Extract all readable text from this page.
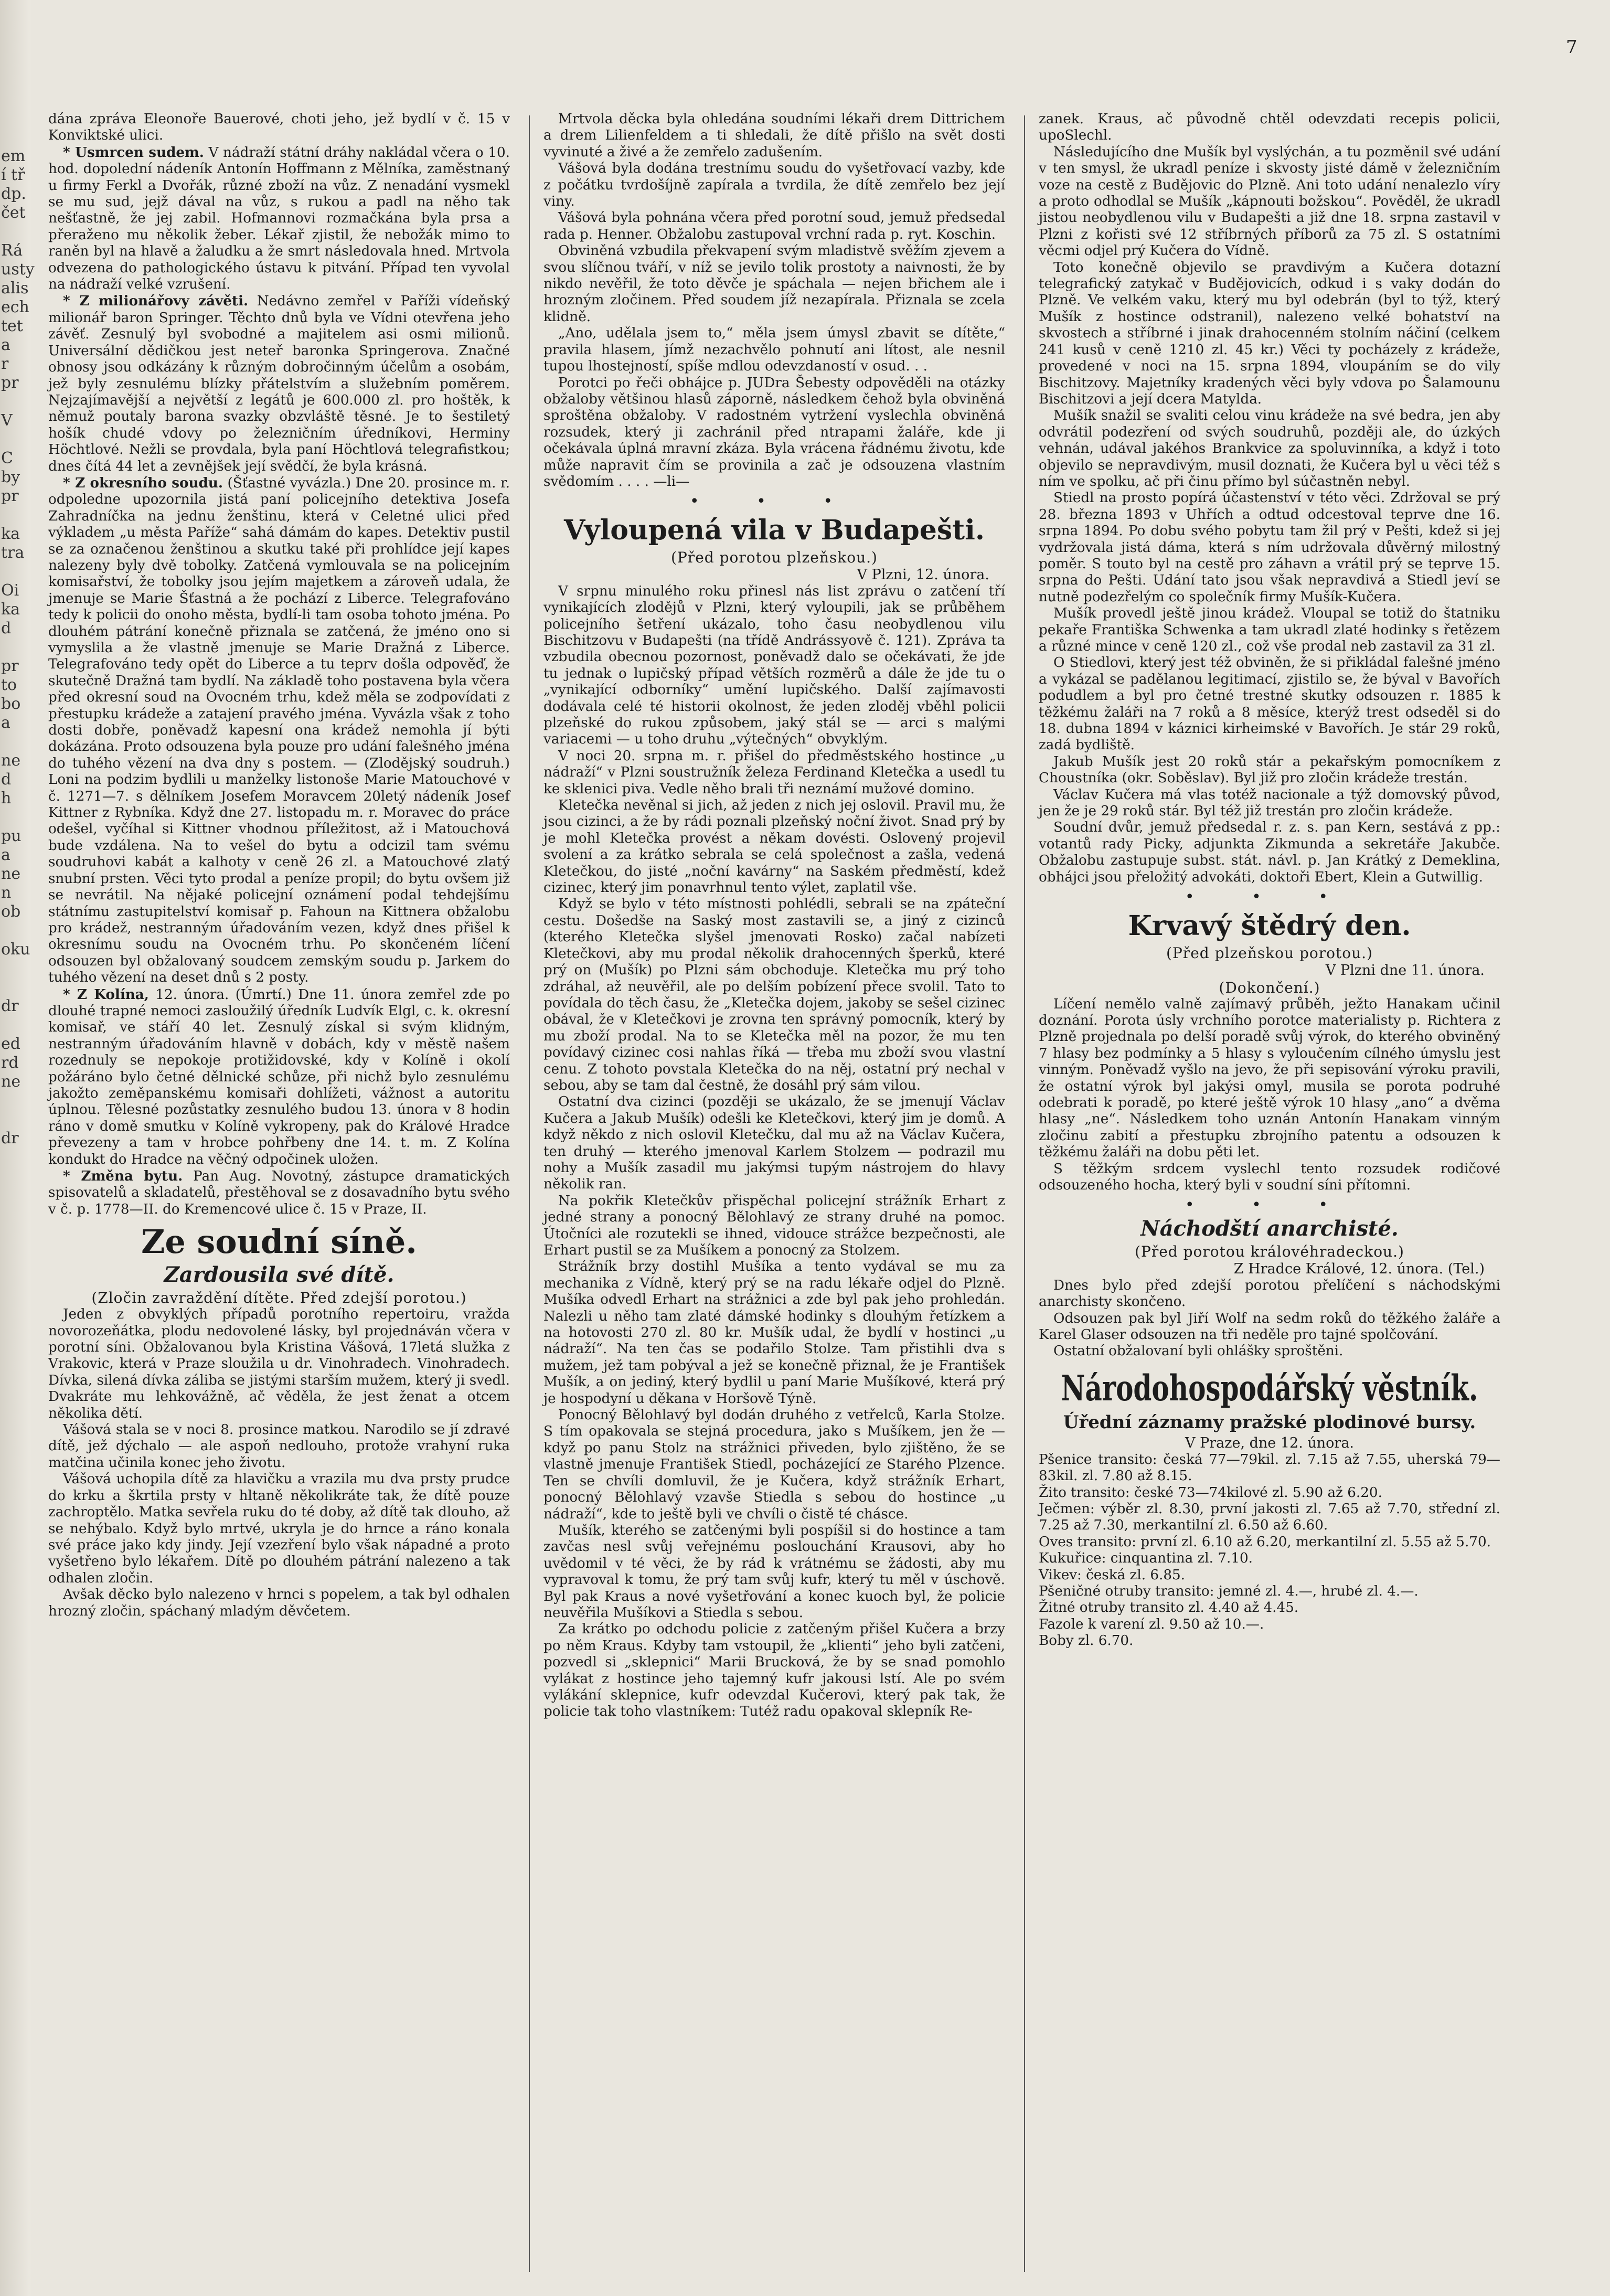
em
í tř
dp.
čet

Rá
usty
alis
ech
tet
a
r
pr

V

C
by
pr

ka
tra

Oi
ka
d

pr
to
bo
a

ne
d
h

pu
a
ne
n
ob

oku

dr

ed
rd
ne

dr
7

dána zpráva Eleonoře Bauerové, choti jeho, jež bydlí v č. 15 v Konviktské ulici.

* Usmrcen sudem. V nádraží státní dráhy nakládal včera o 10. hod. dopolední nádeník Antonín Hoffmann z Mělníka, zaměstnaný u firmy Ferkl a Dvořák, různé zboží na vůz. Z nenadání vysmekl se mu sud, jejž dával na vůz, s rukou a padl na něho tak nešťastně, že jej zabil. Hofmannovi rozmačkána byla prsa a přeraženo mu několik žeber. Lékař zjistil, že nebožák mimo to raněn byl na hlavě a žaludku a že smrt následovala hned. Mrtvola odvezena do pathologického ústavu k pitvání. Případ ten vyvolal na nádraží velké vzrušení.

* Z milionářovy závěti. Nedávno zemřel v Paříži vídeňský milionář baron Springer. Těchto dnů byla ve Vídni otevřena jeho závěť. Zesnulý byl svobodné a majitelem asi osmi milionů. Universální dědičkou jest neteř baronka Springerova. Značné obnosy jsou odkázány k různým dobročinným účelům a osobám, jež byly zesnulému blízky přátelstvím a služebním poměrem. Nejzajímavější a největší z legátů je 600.000 zl. pro hoštěk, k němuž poutaly barona svazky obzvláště těsné. Je to šestiletý hošík chudé vdovy po železničním úředníkovi, Herminy Höchtlové. Nežli se provdala, byla paní Höchtlová telegrafistkou; dnes čítá 44 let a zevnějšek její svědčí, že byla krásná.

* Z okresního soudu. (Šťastné vyvázla.) Dne 20. prosince m. r. odpoledne upozornila jistá paní policejního detektiva Josefa Zahradníčka na jednu ženštinu, která v Celetné ulici před výkladem „u města Paříže“ sahá dámám do kapes. Detektiv pustil se za označenou ženštinou a skutku také při prohlídce její kapes nalezeny byly dvě tobolky. Zatčená vymlouvala se na policejním komisařství, že tobolky jsou jejím majetkem a zároveň udala, že jmenuje se Marie Šťastná a že pochází z Liberce. Telegrafováno tedy k policii do onoho města, bydlí-li tam osoba tohoto jména. Po dlouhém pátrání konečně přiznala se zatčená, že jméno ono si vymyslila a že vlastně jmenuje se Marie Dražná z Liberce. Telegrafováno tedy opět do Liberce a tu teprv došla odpověď, že skutečně Dražná tam bydlí. Na základě toho postavena byla včera před okresní soud na Ovocném trhu, kdež měla se zodpovídati z přestupku krádeže a zatajení pravého jména. Vyvázla však z toho dosti dobře, poněvadž kapesní ona krádež nemohla jí býti dokázána. Proto odsouzena byla pouze pro udání falešného jména do tuhého vězení na dva dny s postem. — (Zlodějský soudruh.) Loni na podzim bydlili u manželky listonoše Marie Matouchové v č. 1271—7. s dělníkem Josefem Moravcem 20letý nádeník Josef Kittner z Rybníka. Když dne 27. listopadu m. r. Moravec do práce odešel, vyčíhal si Kittner vhodnou příležitost, až i Matouchová bude vzdálena. Na to vešel do bytu a odcizil tam svému soudruhovi kabát a kalhoty v ceně 26 zl. a Matouchové zlatý snubní prsten. Věci tyto prodal a peníze propil; do bytu ovšem již se nevrátil. Na nějaké policejní oznámení podal tehdejšímu státnímu zastupitelství komisař p. Fahoun na Kittnera obžalobu pro krádež, nestranným úřadováním vezen, když dnes přišel k okresnímu soudu na Ovocném trhu. Po skončeném líčení odsouzen byl obžalovaný soudcem zemským soudu p. Jarkem do tuhého vězení na deset dnů s 2 posty.

* Z Kolína, 12. února. (Úmrtí.) Dne 11. února zemřel zde po dlouhé trapné nemoci zasloužilý úředník Ludvík Elgl, c. k. okresní komisař, ve stáří 40 let. Zesnulý získal si svým klidným, nestranným úřadováním hlavně v dobách, kdy v městě našem rozednuly se nepokoje protižidovské, kdy v Kolíně i okolí požáráno bylo četné dělnické schůze, při nichž bylo zesnulému jakožto zeměpanskému komisaři dohlížeti, vážnost a autoritu úplnou. Tělesné pozůstatky zesnulého budou 13. února v 8 hodin ráno v domě smutku v Kolíně vykropeny, pak do Králové Hradce převezeny a tam v hrobce pohřbeny dne 14. t. m. Z Kolína kondukt do Hradce na věčný odpočinek uložen.

* Změna bytu. Pan Aug. Novotný, zástupce dramatických spisovatelů a skladatelů, přestěhoval se z dosavadního bytu svého v č. p. 1778—II. do Kremencové ulice č. 15 v Praze, II.

Ze soudní síně.
Zardousila své dítě.
(Zločin zavraždění dítěte. Před zdejší porotou.)

Jeden z obvyklých případů porotního repertoiru, vražda novorozeňátka, plodu nedovolené lásky, byl projednáván včera v porotní síni. Obžalovanou byla Kristina Vášová, 17letá služka z Vrakovic, která v Praze sloužila u dr. Vinohradech. Vinohradech. Dívka, silená dívka záliba se jistými starším mužem, který ji svedl. Dvakráte mu lehkovážně, ač věděla, že jest ženat a otcem několika dětí.

Vášová stala se v noci 8. prosince matkou. Narodilo se jí zdravé dítě, jež dýchalo — ale aspoň nedlouho, protože vrahyní ruka matčina učinila konec jeho životu.

Vášová uchopila dítě za hlavičku a vrazila mu dva prsty prudce do krku a škrtila prsty v hltaně několikráte tak, že dítě pouze zachroptělo. Matka sevřela ruku do té doby, až dítě tak dlouho, až se nehýbalo. Když bylo mrtvé, ukryla je do hrnce a ráno konala své práce jako kdy jindy. Její vzezření bylo však nápadné a proto vyšetřeno bylo lékařem. Dítě po dlouhém pátrání nalezeno a tak odhalen zločin.

Avšak děcko bylo nalezeno v hrnci s popelem, a tak byl odhalen hrozný zločin, spáchaný mladým děvčetem.

Mrtvola děcka byla ohledána soudními lékaři drem Dittrichem a drem Lilienfeldem a ti shledali, že dítě přišlo na svět dosti vyvinuté a živé a že zemřelo zadušením.

Vášová byla dodána trestnímu soudu do vyšetřovací vazby, kde z počátku tvrdošíjně zapírala a tvrdila, že dítě zemřelo bez její viny.

Vášová byla pohnána včera před porotní soud, jemuž předsedal rada p. Henner. Obžalobu zastupoval vrchní rada p. ryt. Koschin.

Obviněná vzbudila překvapení svým mladistvě svěžím zjevem a svou slíčnou tváří, v níž se jevilo tolik prostoty a naivnosti, že by nikdo nevěřil, že toto děvče je spáchala — nejen břichem ale i hrozným zločinem. Před soudem jíž nezapírala. Přiznala se zcela klidně.

„Ano, udělala jsem to,“ měla jsem úmysl zbavit se dítěte,“ pravila hlasem, jímž nezachvělo pohnutí ani lítost, ale nesnil tupou lhostejností, spíše mdlou odevzdaností v osud. . .

Porotci po řeči obhájce p. JUDra Šebesty odpověděli na otázky obžaloby většinou hlasů záporně, následkem čehož byla obviněná sproštěna obžaloby. V radostném vytržení vyslechla obviněná rozsudek, který ji zachránil před ntrapami žaláře, kde ji očekávala úplná mravní zkáza. Byla vrácena řádnému životu, kde může napravit čím se provinila a zač je odsouzena vlastním svědomím . . . . —li—

• • •
Vyloupená vila v Budapešti.
(Před porotou plzeňskou.)
V Plzni, 12. února.

V srpnu minulého roku přinesl nás list zprávu o zatčení tří vynikajících zlodějů v Plzni, který vyloupili, jak se průběhem policejního šetření ukázalo, toho času neobydlenou vilu Bischitzovu v Budapešti (na třídě Andrássyově č. 121). Zpráva ta vzbudila obecnou pozornost, poněvadž dalo se očekávati, že jde tu jednak o lupičský případ větších rozměrů a dále že jde tu o „vynikající odborníky“ umění lupičského. Další zajímavosti dodávala celé té historii okolnost, že jeden zloděj vběhl policii plzeňské do rukou způsobem, jaký stál se — arci s malými variacemi — u toho druhu „výtečných“ obvyklým.

V noci 20. srpna m. r. přišel do předměstského hostince „u nádraží“ v Plzni soustružník železa Ferdinand Kletečka a usedl tu ke sklenici piva. Vedle něho brali tři neznámí mužové domino.

Kletečka nevěnal si jich, až jeden z nich jej oslovil. Pravil mu, že jsou cizinci, a že by rádi poznali plzeňský noční život. Snad prý by je mohl Kletečka provést a někam dovésti. Oslovený projevil svolení a za krátko sebrala se celá společnost a zašla, vedená Kletečkou, do jisté „noční kavárny“ na Saském předměstí, kdež cizinec, který jim ponavrhnul tento výlet, zaplatil vše.

Když se bylo v této místnosti pohlédli, sebrali se na zpáteční cestu. Došedše na Saský most zastavili se, a jiný z cizinců (kterého Kletečka slyšel jmenovati Rosko) začal nabízeti Kletečkovi, aby mu prodal několik drahocenných šperků, které prý on (Mušík) po Plzni sám obchoduje. Kletečka mu prý toho zdráhal, až neuvěřil, ale po delším pobízení přece svolil. Tato to povídala do těch času, že „Kletečka dojem, jakoby se sešel cizinec obával, že v Kletečkovi je zrovna ten správný pomocník, který by mu zboží prodal. Na to se Kletečka měl na pozor, že mu ten povídavý cizinec cosi nahlas říká — třeba mu zboží svou vlastní cenu. Z tohoto povstala Kletečka do na něj, ostatní prý nechal v sebou, aby se tam dal čestně, že dosáhl prý sám vilou.

Ostatní dva cizinci (později se ukázalo, že se jmenují Václav Kučera a Jakub Mušík) odešli ke Kletečkovi, který jim je domů. A když někdo z nich oslovil Kletečku, dal mu až na Václav Kučera, ten druhý — kterého jmenoval Karlem Stolzem — podrazil mu nohy a Mušík zasadil mu jakýmsi tupým nástrojem do hlavy několik ran.

Na pokřik Kletečkův přispěchal policejní strážník Erhart z jedné strany a ponocný Bělohlavý ze strany druhé na pomoc. Útočníci ale rozutekli se ihned, vidouce strážce bezpečnosti, ale Erhart pustil se za Mušíkem a ponocný za Stolzem.

Strážník brzy dostihl Mušíka a tento vydával se mu za mechanika z Vídně, který prý se na radu lékaře odjel do Plzně. Mušíka odvedl Erhart na strážnici a zde byl pak jeho prohledán. Nalezli u něho tam zlaté dámské hodinky s dlouhým řetízkem a na hotovosti 270 zl. 80 kr. Mušík udal, že bydlí v hostinci „u nádraží“. Na ten čas se podařilo Stolze. Tam přistihli dva s mužem, jež tam pobýval a jež se konečně přiznal, že je František Mušík, a on jediný, který bydlil u paní Marie Mušíkové, která prý je hospodyní u děkana v Horšově Týně.

Ponocný Bělohlavý byl dodán druhého z vetřelců, Karla Stolze. S tím opakovala se stejná procedura, jako s Mušíkem, jen že — když po panu Stolz na strážnici přiveden, bylo zjištěno, že se vlastně jmenuje František Stiedl, pocházející ze Starého Plzence. Ten se chvíli domluvil, že je Kučera, když strážník Erhart, ponocný Bělohlavý vzavše Stiedla s sebou do hostince „u nádraží“, kde to ještě byli ve chvíli o čistě té chásce.

Mušík, kterého se zatčenými byli pospíšil si do hostince a tam zavčas nesl svůj veřejnému poslouchání Krausovi, aby ho uvědomil v té věci, že by rád k vrátnému se žádosti, aby mu vypravoval k tomu, že prý tam svůj kufr, který tu měl v úschově. Byl pak Kraus a nové vyšetřování a konec kuoch byl, že policie neuvěřila Mušíkovi a Stiedla s sebou.

Za krátko po odchodu policie z zatčeným přišel Kučera a brzy po něm Kraus. Kdyby tam vstoupil, že „klienti“ jeho byli zatčeni, pozvedl si „sklepnici“ Marii Brucková, že by se snad pomohlo vylákat z hostince jeho tajemný kufr jakousi lstí. Ale po svém vylákání sklepnice, kufr odevzdal Kučerovi, který pak tak, že policie tak toho vlastníkem: Tutéž radu opakoval sklepník Re-

zanek. Kraus, ač původně chtěl odevzdati recepis policii, upoSlechl.

Následujícího dne Mušík byl vyslýchán, a tu pozměnil své udání v ten smysl, že ukradl peníze i skvosty jisté dámě v železničním voze na cestě z Budějovic do Plzně. Ani toto udání nenalezlo víry a proto odhodlal se Mušík „kápnouti božskou“. Pověděl, že ukradl jistou neobydlenou vilu v Budapešti a již dne 18. srpna zastavil v Plzni z kořisti své 12 stříbrných příborů za 75 zl. S ostatními věcmi odjel prý Kučera do Vídně.

Toto konečně objevilo se pravdivým a Kučera dotazní telegrafický zatykač v Budějovicích, odkud i s vaky dodán do Plzně. Ve velkém vaku, který mu byl odebrán (byl to týž, který Mušík z hostince odstranil), nalezeno velké bohatství na skvostech a stříbrné i jinak drahocenném stolním náčiní (celkem 241 kusů v ceně 1210 zl. 45 kr.) Věci ty pocházely z krádeže, provedené v noci na 15. srpna 1894, vloupáním se do vily Bischitzovy. Majetníky kradených věci byly vdova po Šalamounu Bischitzovi a její dcera Matylda.

Mušík snažil se svaliti celou vinu krádeže na své bedra, jen aby odvrátil podezření od svých soudruhů, později ale, do úzkých vehnán, udával jakéhos Brankvice za spoluvinníka, a když i toto objevilo se nepravdivým, musil doznati, že Kučera byl u věci též s ním ve spolku, ač při činu přímo byl súčastněn nebyl.

Stiedl na prosto popírá účastenství v této věci. Zdržoval se prý 28. března 1893 v Uhřích a odtud odcestoval teprve dne 16. srpna 1894. Po dobu svého pobytu tam žil prý v Pešti, kdež si jej vydržovala jistá dáma, která s ním udržovala důvěrný milostný poměr. S touto byl na cestě pro záhavn a vrátil prý se teprve 15. srpna do Pešti. Udání tato jsou však nepravdivá a Stiedl jeví se nutně podezřelým co společník firmy Mušík-Kučera.

Mušík provedl ještě jinou krádež. Vloupal se totiž do štatniku pekaře Františka Schwenka a tam ukradl zlaté hodinky s řetězem a různé mince v ceně 120 zl., což vše prodal neb zastavil za 31 zl.

O Stiedlovi, který jest též obviněn, že si přikládal falešné jméno a vykázal se padělanou legitimací, zjistilo se, že býval v Bavořích podudlem a byl pro četné trestné skutky odsouzen r. 1885 k těžkému žaláři na 7 roků a 8 měsíce, kterýž trest odseděl si do 18. dubna 1894 v káznici kirheimské v Bavořích. Je stár 29 roků, zadá bydliště.

Jakub Mušík jest 20 roků stár a pekařským pomocníkem z Choustníka (okr. Soběslav). Byl již pro zločin krádeže trestán.

Václav Kučera má vlas totéž nacionale a týž domovský původ, jen že je 29 roků stár. Byl též již trestán pro zločin krádeže.

Soudní dvůr, jemuž předsedal r. z. s. pan Kern, sestává z pp.: votantů rady Picky, adjunkta Zikmunda a sekretáře Jakubče. Obžalobu zastupuje subst. stát. návl. p. Jan Krátký z Demeklina, obhájci jsou přeložitý advokáti, doktoři Ebert, Klein a Gutwillig.

• • •
Krvavý štědrý den.
(Před plzeňskou porotou.)
V Plzni dne 11. února.
(Dokončení.)

Líčení nemělo valně zajímavý průběh, ježto Hanakam učinil doznání. Porota úsly vrchního porotce materialisty p. Richtera z Plzně projednala po delší poradě svůj výrok, do kterého obviněný 7 hlasy bez podmínky a 5 hlasy s vyloučením cílného úmyslu jest vinným. Poněvadž vyšlo na jevo, že při sepisování výroku pravili, že ostatní výrok byl jakýsi omyl, musila se porota podruhé odebrati k poradě, po které ještě výrok 10 hlasy „ano“ a dvěma hlasy „ne“. Následkem toho uznán Antonín Hanakam vinným zločinu zabití a přestupku zbrojního patentu a odsouzen k těžkému žaláři na dobu pěti let.

S těžkým srdcem vyslechl tento rozsudek rodičové odsouzeného hocha, který byli v soudní síni přítomni.

• • •
Náchodští anarchisté.
(Před porotou královéhradeckou.)
Z Hradce Králové, 12. února. (Tel.)

Dnes bylo před zdejší porotou přelíčení s náchodskými anarchisty skončeno.

Odsouzen pak byl Jiří Wolf na sedm roků do těžkého žaláře a Karel Glaser odsouzen na tři neděle pro tajné spolčování.

Ostatní obžalovaní byli ohlášky sproštěni.

Národohospodářský věstník.
Úřední záznamy pražské plodinové bursy.
V Praze, dne 12. února.

Pšenice transito: česká 77—79kil. zl. 7.15 až 7.55, uherská 79—83kil. zl. 7.80 až 8.15.

Žito transito: české 73—74kilové zl. 5.90 až 6.20.

Ječmen: výběr zl. 8.30, první jakosti zl. 7.65 až 7.70, střední zl. 7.25 až 7.30, merkantilní zl. 6.50 až 6.60.

Oves transito: první zl. 6.10 až 6.20, merkantilní zl. 5.55 až 5.70.

Kukuřice: cinquantina zl. 7.10.

Vikev: česká zl. 6.85.

Pšeničné otruby transito: jemné zl. 4.—, hrubé zl. 4.—.

Žitné otruby transito zl. 4.40 až 4.45.

Fazole k varení zl. 9.50 až 10.—.

Boby zl. 6.70.
